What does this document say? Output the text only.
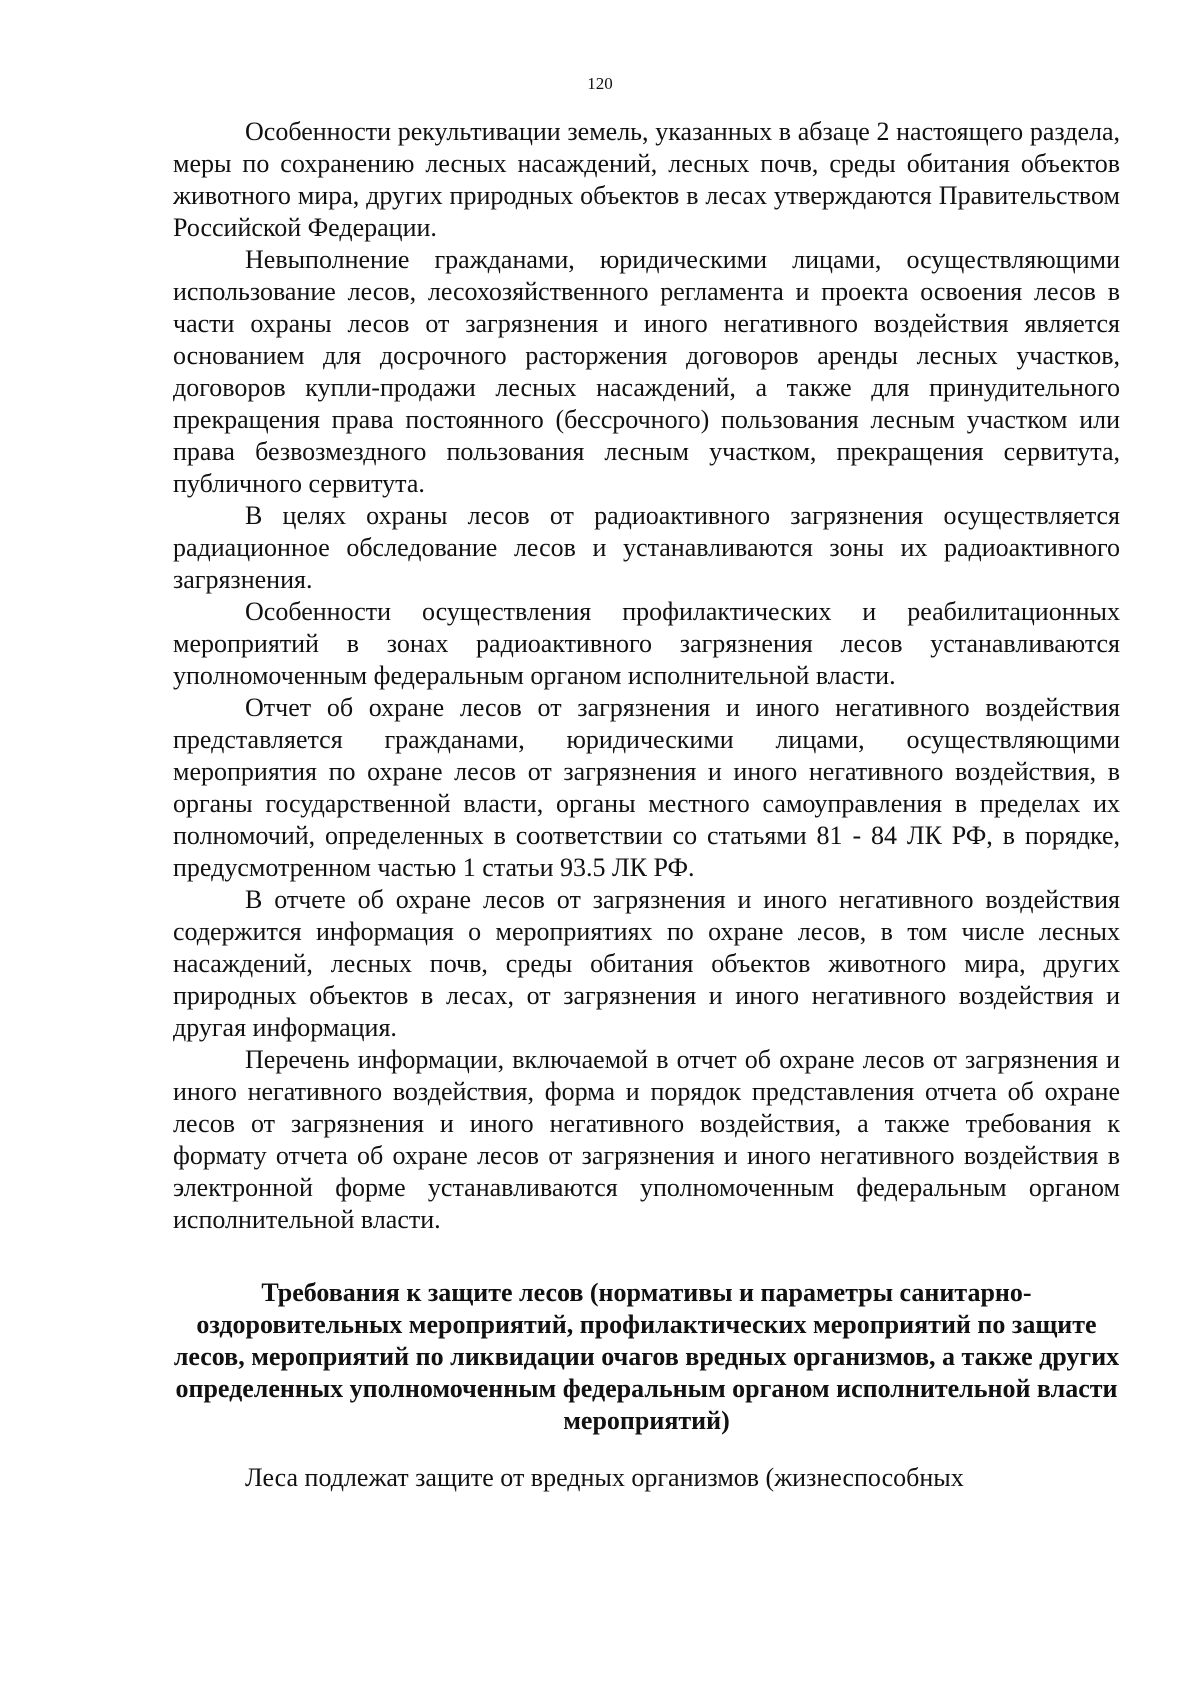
120

Особенности рекультивации земель, указанных в абзаце 2 настоящего раздела, меры по сохранению лесных насаждений, лесных почв, среды обитания объектов животного мира, других природных объектов в лесах утверждаются Правительством Российской Федерации.

Невыполнение гражданами, юридическими лицами, осуществляющими использование лесов, лесохозяйственного регламента и проекта освоения лесов в части охраны лесов от загрязнения и иного негативного воздействия является основанием для досрочного расторжения договоров аренды лесных участков, договоров купли-продажи лесных насаждений, а также для принудительного прекращения права постоянного (бессрочного) пользования лесным участком или права безвозмездного пользования лесным участком, прекращения сервитута, публичного сервитута.

В целях охраны лесов от радиоактивного загрязнения осуществляется радиационное обследование лесов и устанавливаются зоны их радиоактивного загрязнения.

Особенности осуществления профилактических и реабилитационных мероприятий в зонах радиоактивного загрязнения лесов устанавливаются уполномоченным федеральным органом исполнительной власти.

Отчет об охране лесов от загрязнения и иного негативного воздействия представляется гражданами, юридическими лицами, осуществляющими мероприятия по охране лесов от загрязнения и иного негативного воздействия, в органы государственной власти, органы местного самоуправления в пределах их полномочий, определенных в соответствии со статьями 81 - 84 ЛК РФ, в порядке, предусмотренном частью 1 статьи 93.5 ЛК РФ.

В отчете об охране лесов от загрязнения и иного негативного воздействия содержится информация о мероприятиях по охране лесов, в том числе лесных насаждений, лесных почв, среды обитания объектов животного мира, других природных объектов в лесах, от загрязнения и иного негативного воздействия и другая информация.

Перечень информации, включаемой в отчет об охране лесов от загрязнения и иного негативного воздействия, форма и порядок представления отчета об охране лесов от загрязнения и иного негативного воздействия, а также требования к формату отчета об охране лесов от загрязнения и иного негативного воздействия в электронной форме устанавливаются уполномоченным федеральным органом исполнительной власти.

Требования к защите лесов (нормативы и параметры санитарно-оздоровительных мероприятий, профилактических мероприятий по защите лесов, мероприятий по ликвидации очагов вредных организмов, а также других определенных уполномоченным федеральным органом исполнительной власти мероприятий)

Леса подлежат защите от вредных организмов (жизнеспособных
